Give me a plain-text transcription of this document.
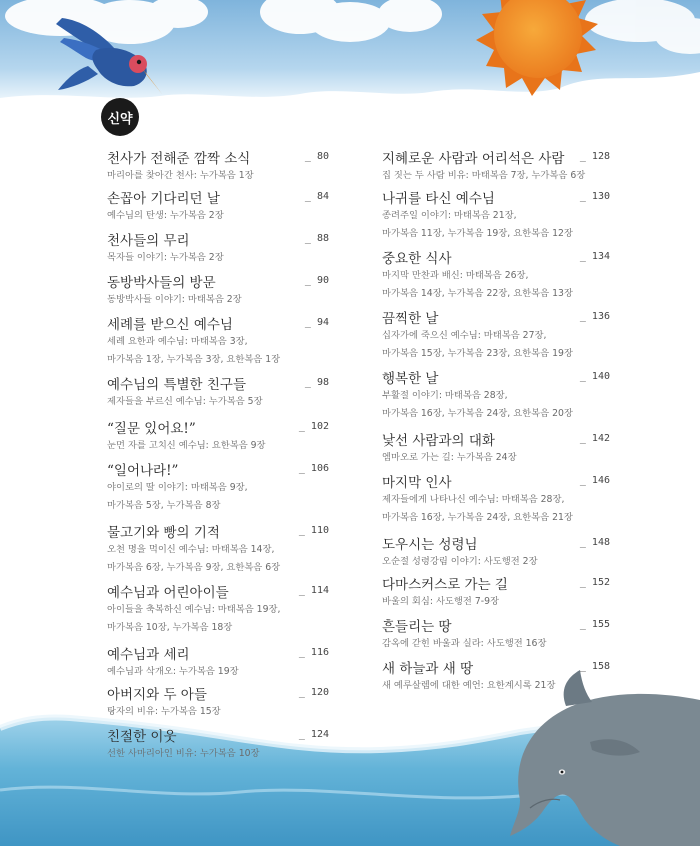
신약
천사가 전해준 깜짝 소식
마리아를 찾아간 천사: 누가복음 1장
_ 80
손꼽아 기다리던 날
예수님의 탄생: 누가복음 2장
_ 84
천사들의 무리
목자들 이야기: 누가복음 2장
_ 88
동방박사들의 방문
동방박사들 이야기: 마태복음 2장
_ 90
세례를 받으신 예수님
세례 요한과 예수님: 마태복음 3장,
마가복음 1장, 누가복음 3장, 요한복음 1장
_ 94
예수님의 특별한 친구들
제자들을 부르신 예수님: 누가복음 5장
_ 98
“질문 있어요!”
눈먼 자를 고치신 예수님: 요한복음 9장
_ 102
“일어나라!”
야이로의 딸 이야기: 마태복음 9장,
마가복음 5장, 누가복음 8장
_ 106
물고기와 빵의 기적
오천 명을 먹이신 예수님: 마태복음 14장,
마가복음 6장, 누가복음 9장, 요한복음 6장
_ 110
예수님과 어린아이들
아이들을 축복하신 예수님: 마태복음 19장,
마가복음 10장, 누가복음 18장
_ 114
예수님과 세리
예수님과 삭개오: 누가복음 19장
_ 116
아버지와 두 아들
탕자의 비유: 누가복음 15장
_ 120
친절한 이웃
선한 사마리아인 비유: 누가복음 10장
_ 124
지혜로운 사람과 어리석은 사람
집 짓는 두 사람 비유: 마태복음 7장, 누가복음 6장
_ 128
나귀를 타신 예수님
종려주일 이야기: 마태복음 21장,
마가복음 11장, 누가복음 19장, 요한복음 12장
_ 130
중요한 식사
마지막 만찬과 배신: 마태복음 26장,
마가복음 14장, 누가복음 22장, 요한복음 13장
_ 134
끔찍한 날
십자가에 죽으신 예수님: 마태복음 27장,
마가복음 15장, 누가복음 23장, 요한복음 19장
_ 136
행복한 날
부활절 이야기: 마태복음 28장,
마가복음 16장, 누가복음 24장, 요한복음 20장
_ 140
낯선 사람과의 대화
엠마오로 가는 길: 누가복음 24장
_ 142
마지막 인사
제자들에게 나타나신 예수님: 마태복음 28장,
마가복음 16장, 누가복음 24장, 요한복음 21장
_ 146
도우시는 성령님
오순절 성령강림 이야기: 사도행전 2장
_ 148
다마스커스로 가는 길
바울의 회심: 사도행전 7-9장
_ 152
흔들리는 땅
감옥에 갇힌 바울과 실라: 사도행전 16장
_ 155
새 하늘과 새 땅
새 예루살렘에 대한 예언: 요한계시록 21장
_ 158
